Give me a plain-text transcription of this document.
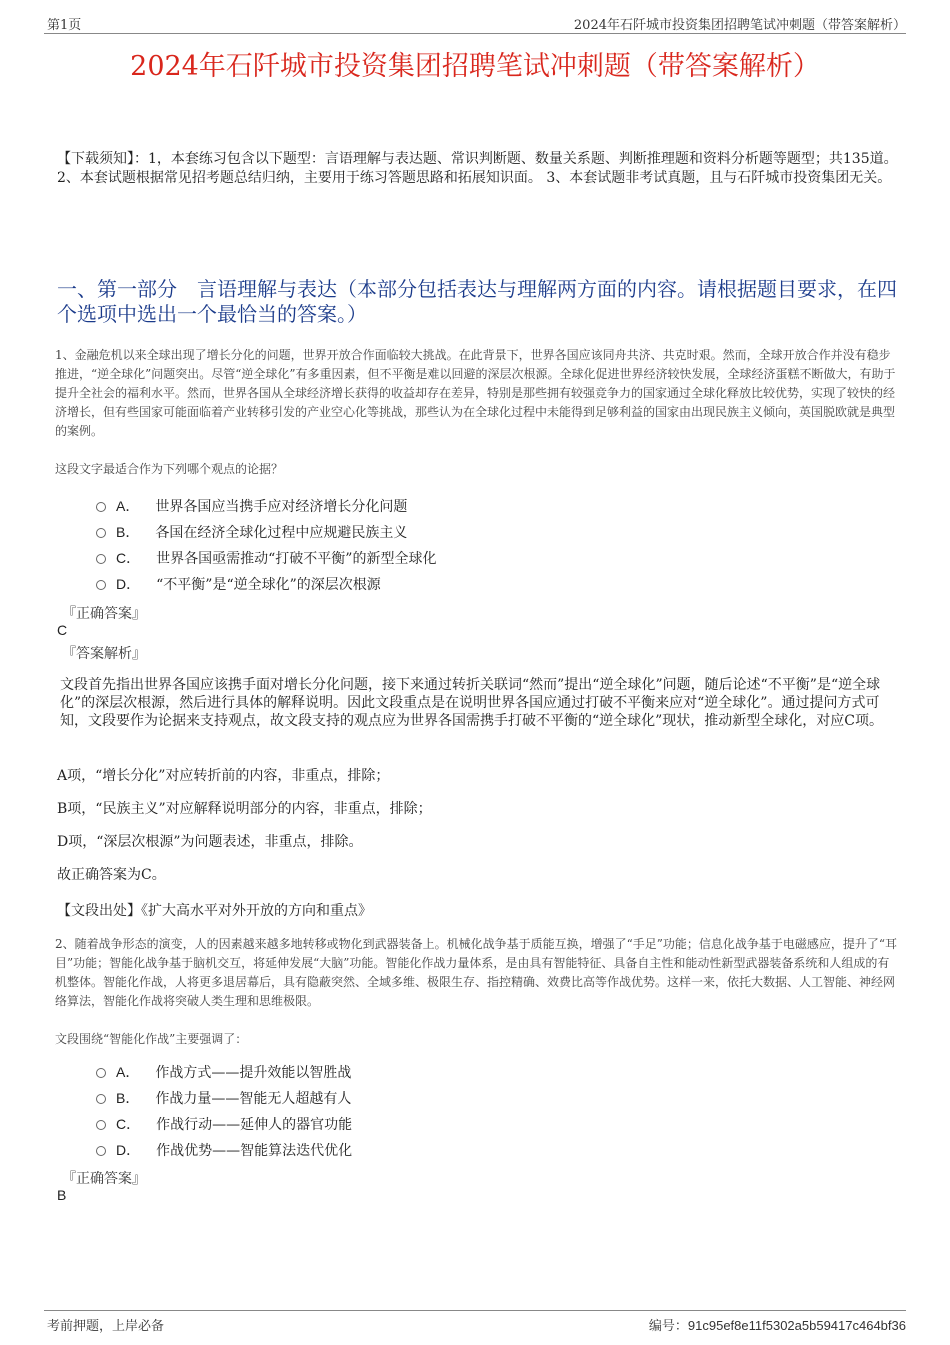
第1页	2024年石阡城市投资集团招聘笔试冲刺题（带答案解析）
2024年石阡城市投资集团招聘笔试冲刺题（带答案解析）
【下载须知】：1，本套练习包含以下题型：言语理解与表达题、常识判断题、数量关系题、判断推理题和资料分析题等题型；共135道。 2、本套试题根据常见招考题总结归纳，主要用于练习答题思路和拓展知识面。 3、本套试题非考试真题，且与石阡城市投资集团无关。
一、第一部分　言语理解与表达（本部分包括表达与理解两方面的内容。请根据题目要求，在四个选项中选出一个最恰当的答案。）
1、金融危机以来全球出现了增长分化的问题，世界开放合作面临较大挑战。在此背景下，世界各国应该同舟共济、共克时艰。然而，全球开放合作并没有稳步推进，“逆全球化”问题突出。尽管“逆全球化”有多重因素，但不平衡是难以回避的深层次根源。全球化促进世界经济较快发展，全球经济蛋糕不断做大，有助于提升全社会的福利水平。然而，世界各国从全球经济增长获得的收益却存在差异，特别是那些拥有较强竞争力的国家通过全球化释放比较优势，实现了较快的经济增长，但有些国家可能面临着产业转移引发的产业空心化等挑战，那些认为在全球化过程中未能得到足够利益的国家由出现民族主义倾向，英国脱欧就是典型的案例。
这段文字最适合作为下列哪个观点的论据？
A． 世界各国应当携手应对经济增长分化问题
B． 各国在经济全球化过程中应规避民族主义
C． 世界各国亟需推动“打破不平衡”的新型全球化
D． “不平衡”是“逆全球化”的深层次根源
『正确答案』
C
『答案解析』
文段首先指出世界各国应该携手面对增长分化问题，接下来通过转折关联词“然而”提出“逆全球化”问题，随后论述“不平衡”是“逆全球化”的深层次根源，然后进行具体的解释说明。因此文段重点是在说明世界各国应通过打破不平衡来应对“逆全球化”。通过提问方式可知，文段要作为论据来支持观点，故文段支持的观点应为世界各国需携手打破不平衡的“逆全球化”现状，推动新型全球化，对应C项。
A项，“增长分化”对应转折前的内容，非重点，排除；
B项，“民族主义”对应解释说明部分的内容，非重点，排除；
D项，“深层次根源”为问题表述，非重点，排除。
故正确答案为C。
【文段出处】《扩大高水平对外开放的方向和重点》
2、随着战争形态的演变，人的因素越来越多地转移或物化到武器装备上。机械化战争基于质能互换，增强了“手足”功能；信息化战争基于电磁感应，提升了“耳目”功能；智能化战争基于脑机交互，将延伸发展“大脑”功能。智能化作战力量体系，是由具有智能特征、具备自主性和能动性新型武器装备系统和人组成的有机整体。智能化作战，人将更多退居幕后，具有隐蔽突然、全域多维、极限生存、指控精确、效费比高等作战优势。这样一来，依托大数据、人工智能、神经网络算法，智能化作战将突破人类生理和思维极限。
文段围绕“智能化作战”主要强调了：
A． 作战方式——提升效能以智胜战
B． 作战力量——智能无人超越有人
C． 作战行动——延伸人的器官功能
D． 作战优势——智能算法迭代优化
『正确答案』
B
考前押题，上岸必备	编号：91c95ef8e11f5302a5b59417c464bf36
